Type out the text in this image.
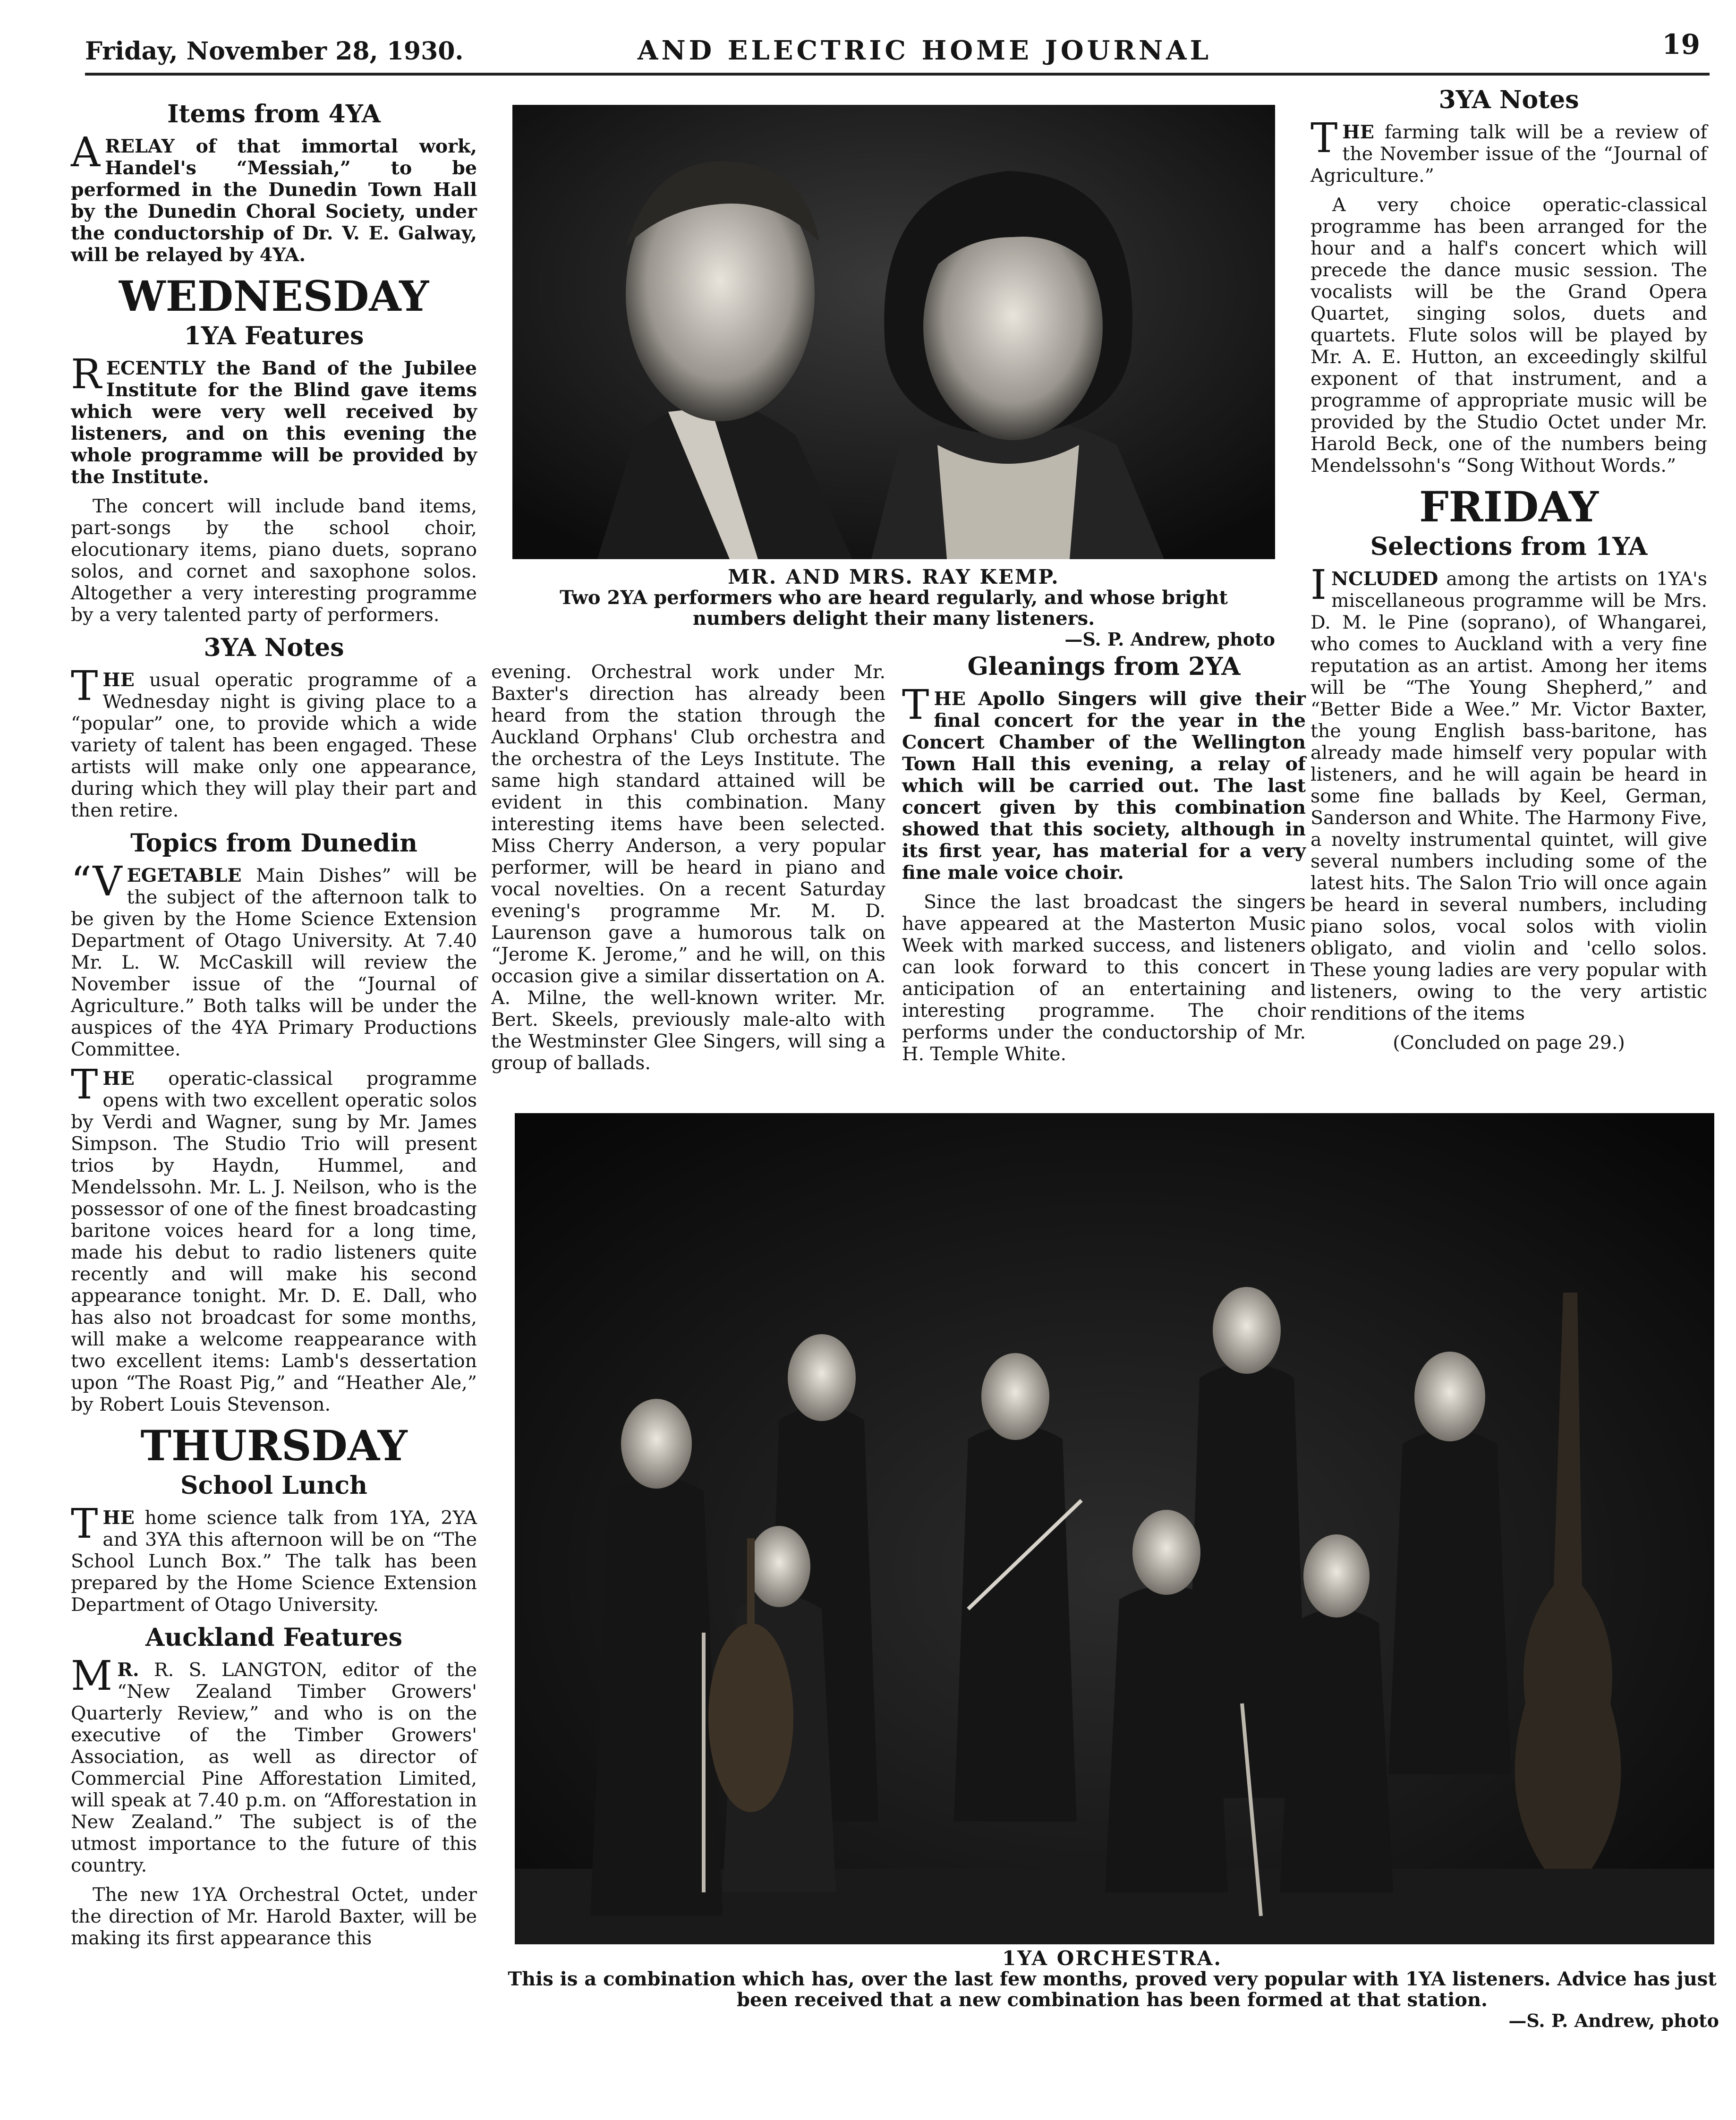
Friday, November 28, 1930.	AND ELECTRIC HOME JOURNAL	19
Items from 4YA

ARELAY of that immortal work, Handel's “Messiah,” to be performed in the Dunedin Town Hall by the Dunedin Choral Society, under the conductorship of Dr. V. E. Galway, will be relayed by 4YA.

WEDNESDAY
1YA Features

RECENTLY the Band of the Jubilee Institute for the Blind gave items which were very well received by listeners, and on this evening the whole programme will be provided by the Institute.

The concert will include band items, part-songs by the school choir, elocutionary items, piano duets, soprano solos, and cornet and saxophone solos. Altogether a very interesting programme by a very talented party of performers.

3YA Notes

THE usual operatic programme of a Wednesday night is giving place to a “popular” one, to provide which a wide variety of talent has been engaged. These artists will make only one appearance, during which they will play their part and then retire.

Topics from Dunedin

“VEGETABLE Main Dishes” will be the subject of the afternoon talk to be given by the Home Science Extension Department of Otago University. At 7.40 Mr. L. W. McCaskill will review the November issue of the “Journal of Agriculture.” Both talks will be under the auspices of the 4YA Primary Productions Committee.

THE operatic-classical programme opens with two excellent operatic solos by Verdi and Wagner, sung by Mr. James Simpson. The Studio Trio will present trios by Haydn, Hummel, and Mendelssohn. Mr. L. J. Neilson, who is the possessor of one of the finest broadcasting baritone voices heard for a long time, made his debut to radio listeners quite recently and will make his second appearance tonight. Mr. D. E. Dall, who has also not broadcast for some months, will make a welcome reappearance with two excellent items: Lamb's dessertation upon “The Roast Pig,” and “Heather Ale,” by Robert Louis Stevenson.

THURSDAY
School Lunch

THE home science talk from 1YA, 2YA and 3YA this afternoon will be on “The School Lunch Box.” The talk has been prepared by the Home Science Extension Department of Otago University.

Auckland Features

M R. R. S. LANGTON, editor of the “New Zealand Timber Growers' Quarterly Review,” and who is on the executive of the Timber Growers' Association, as well as director of Commercial Pine Afforestation Limited, will speak at 7.40 p.m. on “Afforestation in New Zealand.” The subject is of the utmost importance to the future of this country.

The new 1YA Orchestral Octet, under the direction of Mr. Harold Baxter, will be making its first appearance this

MR. AND MRS. RAY KEMP.
Two 2YA performers who are heard regularly, and whose bright numbers delight their many listeners.
—S. P. Andrew, photo

evening. Orchestral work under Mr. Baxter's direction has already been heard from the station through the Auckland Orphans' Club orchestra and the orchestra of the Leys Institute. The same high standard attained will be evident in this combination. Many interesting items have been selected. Miss Cherry Anderson, a very popular performer, will be heard in piano and vocal novelties. On a recent Saturday evening's programme Mr. M. D. Laurenson gave a humorous talk on “Jerome K. Jerome,” and he will, on this occasion give a similar dissertation on A. A. Milne, the well-known writer. Mr. Bert. Skeels, previously male-alto with the Westminster Glee Singers, will sing a group of ballads.

Gleanings from 2YA

THE Apollo Singers will give their final concert for the year in the Concert Chamber of the Wellington Town Hall this evening, a relay of which will be carried out. The last concert given by this combination showed that this society, although in its first year, has material for a very fine male voice choir.

Since the last broadcast the singers have appeared at the Masterton Music Week with marked success, and listeners can look forward to this concert in anticipation of an entertaining and interesting programme. The choir performs under the conductorship of Mr. H. Temple White.

3YA Notes

THE farming talk will be a review of the November issue of the “Journal of Agriculture.”

A very choice operatic-classical programme has been arranged for the hour and a half's concert which will precede the dance music session. The vocalists will be the Grand Opera Quartet, singing solos, duets and quartets. Flute solos will be played by Mr. A. E. Hutton, an exceedingly skilful exponent of that instrument, and a programme of appropriate music will be provided by the Studio Octet under Mr. Harold Beck, one of the numbers being Mendelssohn's “Song Without Words.”

FRIDAY
Selections from 1YA

INCLUDED among the artists on 1YA's miscellaneous programme will be Mrs. D. M. le Pine (soprano), of Whangarei, who comes to Auckland with a very fine reputation as an artist. Among her items will be “The Young Shepherd,” and “Better Bide a Wee.” Mr. Victor Baxter, the young English bass-baritone, has already made himself very popular with listeners, and he will again be heard in some fine ballads by Keel, German, Sanderson and White. The Harmony Five, a novelty instrumental quintet, will give several numbers including some of the latest hits. The Salon Trio will once again be heard in several numbers, including piano solos, vocal solos with violin obligato, and violin and 'cello solos. These young ladies are very popular with listeners, owing to the very artistic renditions of the items

(Concluded on page 29.)

1YA ORCHESTRA.
This is a combination which has, over the last few months, proved very popular with 1YA listeners. Advice has just been received that a new combination has been formed at that station.
—S. P. Andrew, photo
